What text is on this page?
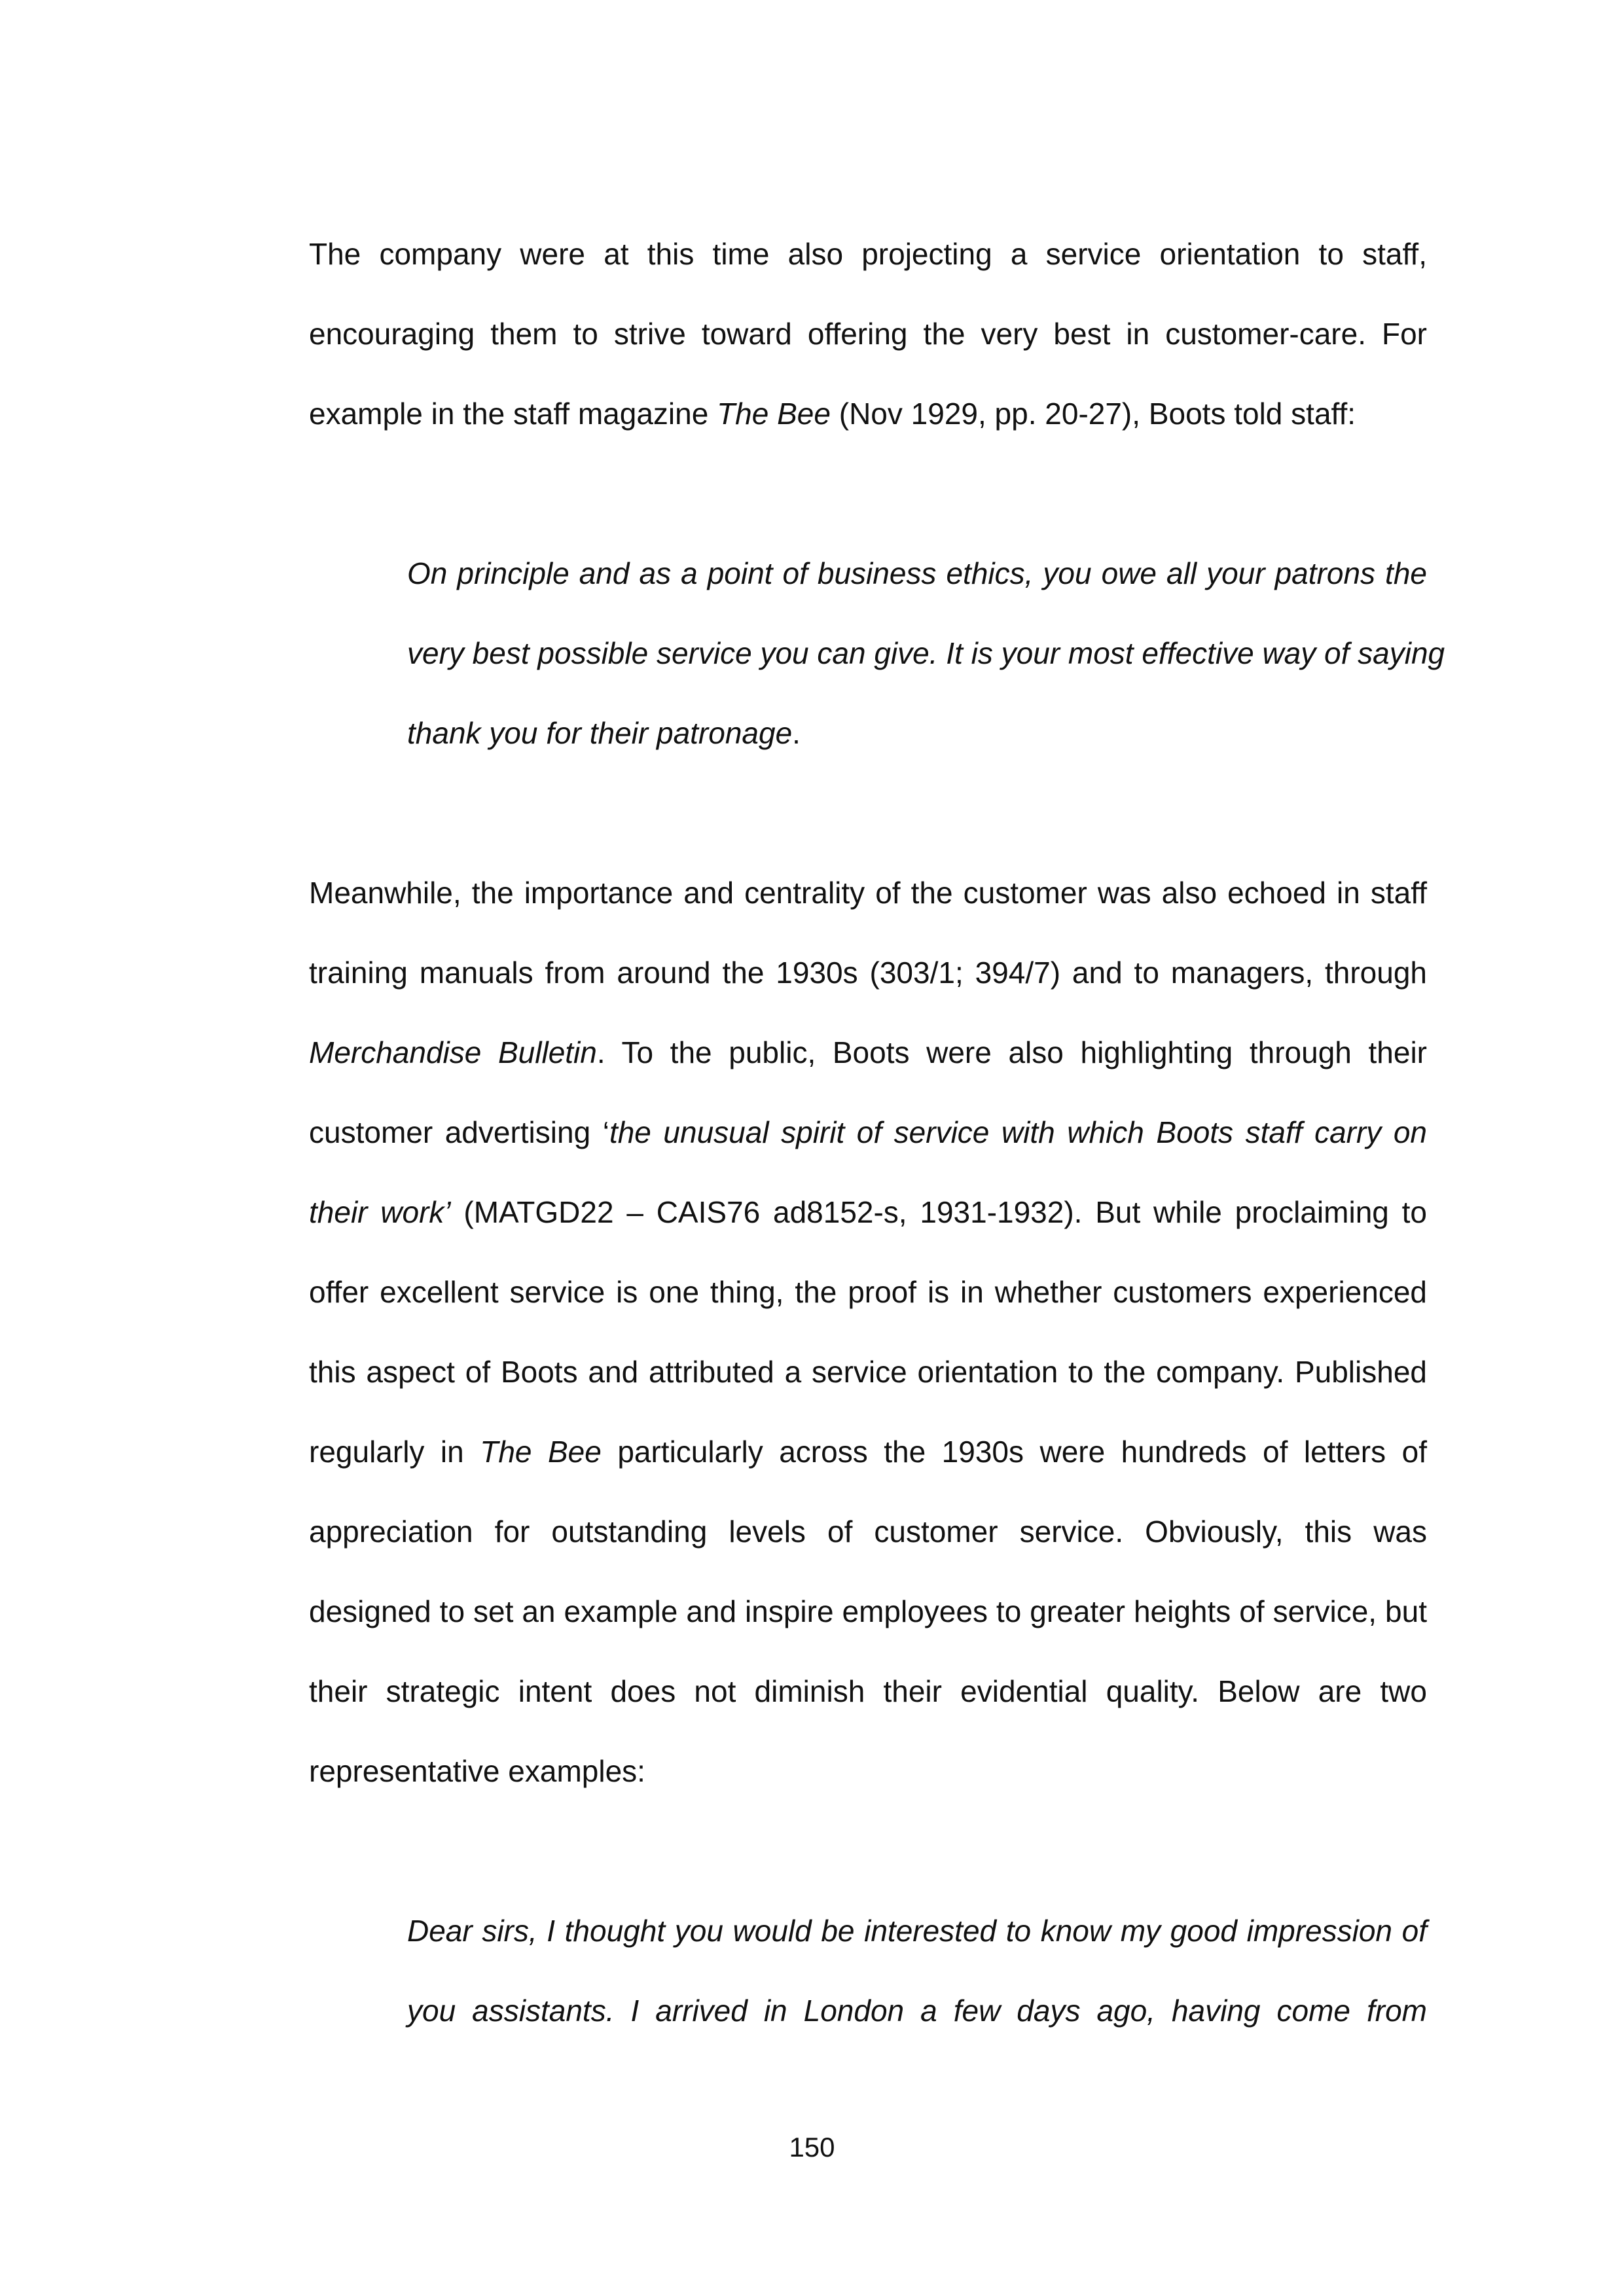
The company were at this time also projecting a service orientation to staff,
encouraging them to strive toward offering the very best in customer-care. For
example in the staff magazine The Bee (Nov 1929, pp. 20-27), Boots told staff:
On principle and as a point of business ethics, you owe all your patrons the
very best possible service you can give. It is your most effective way of saying
thank you for their patronage.
Meanwhile, the importance and centrality of the customer was also echoed in staff
training manuals from around the 1930s (303/1; 394/7) and to managers, through
Merchandise Bulletin. To the public, Boots were also highlighting through their
customer advertising ‘the unusual spirit of service with which Boots staff carry on
their work’ (MATGD22 – CAIS76 ad8152-s, 1931-1932). But while proclaiming to
offer excellent service is one thing, the proof is in whether customers experienced
this aspect of Boots and attributed a service orientation to the company. Published
regularly in The Bee particularly across the 1930s were hundreds of letters of
appreciation for outstanding levels of customer service. Obviously, this was
designed to set an example and inspire employees to greater heights of service, but
their strategic intent does not diminish their evidential quality. Below are two
representative examples:
Dear sirs, I thought you would be interested to know my good impression of
you assistants. I arrived in London a few days ago, having come from
150
